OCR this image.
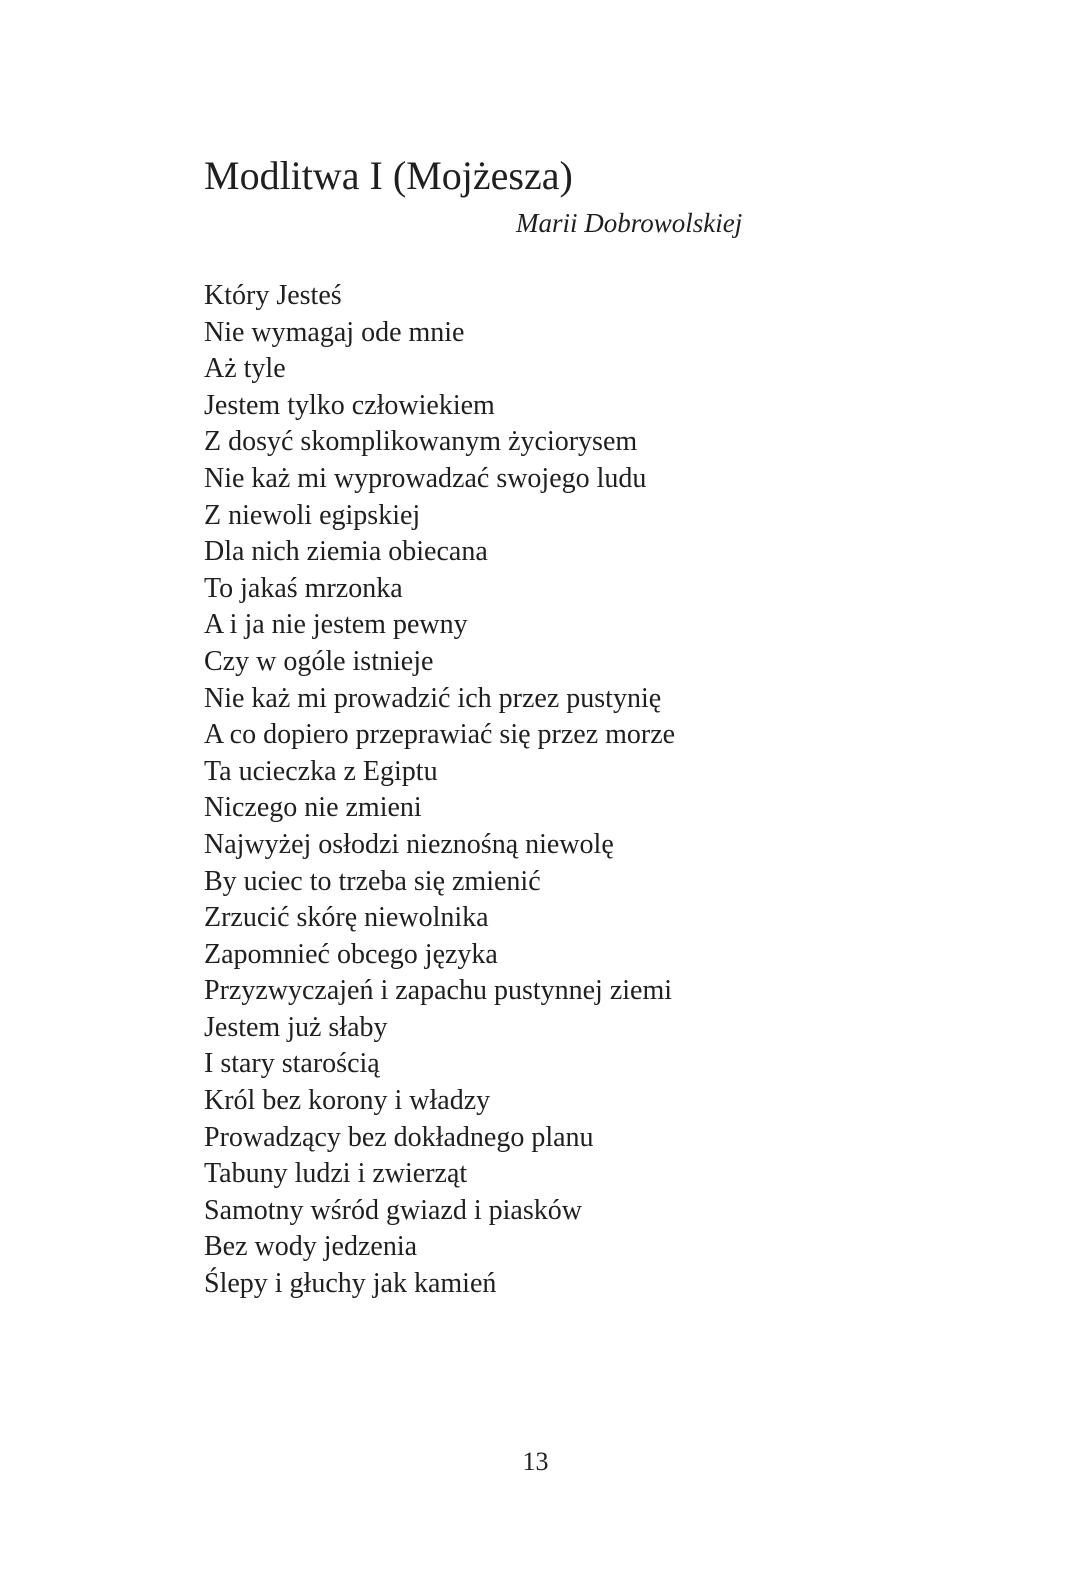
Modlitwa I (Mojżesza)

Marii Dobrowolskiej

Który Jesteś
Nie wymagaj ode mnie
Aż tyle
Jestem tylko człowiekiem
Z dosyć skomplikowanym życiorysem
Nie każ mi wyprowadzać swojego ludu
Z niewoli egipskiej
Dla nich ziemia obiecana
To jakaś mrzonka
A i ja nie jestem pewny
Czy w ogóle istnieje
Nie każ mi prowadzić ich przez pustynię
A co dopiero przeprawiać się przez morze
Ta ucieczka z Egiptu
Niczego nie zmieni
Najwyżej osłodzi nieznośną niewolę
By uciec to trzeba się zmienić
Zrzucić skórę niewolnika
Zapomnieć obcego języka
Przyzwyczajeń i zapachu pustynnej ziemi
Jestem już słaby
I stary starością
Król bez korony i władzy
Prowadzący bez dokładnego planu
Tabuny ludzi i zwierząt
Samotny wśród gwiazd i piasków
Bez wody jedzenia
Ślepy i głuchy jak kamień
13
